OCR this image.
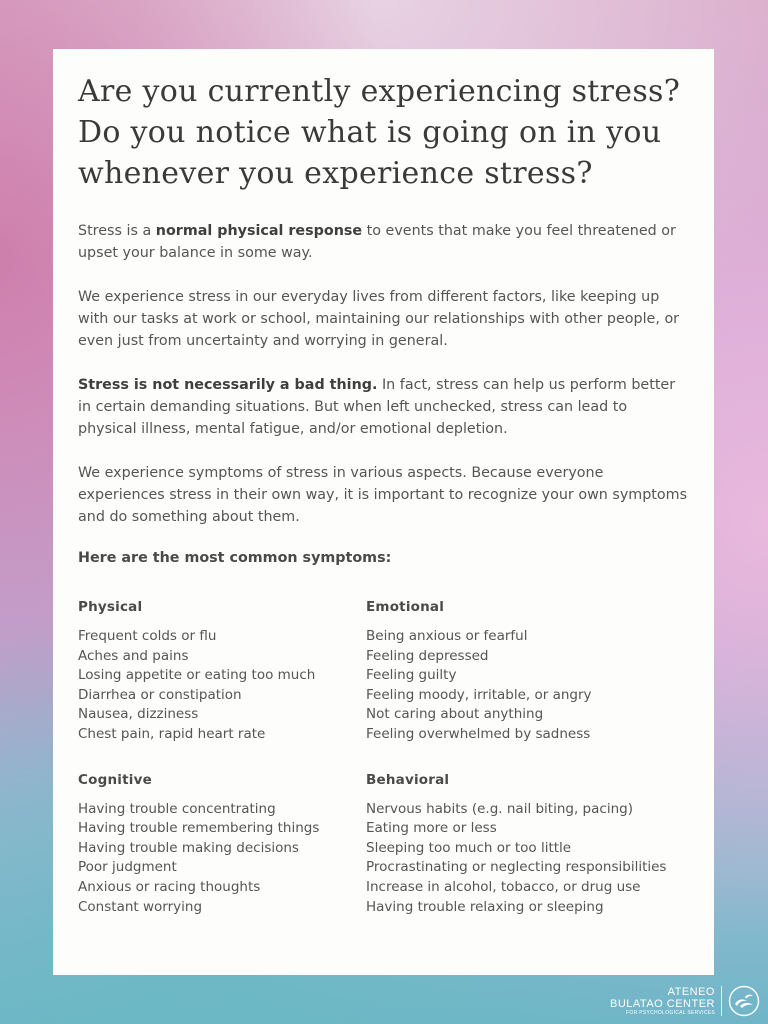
Are you currently experiencing stress? Do you notice what is going on in you whenever you experience stress?

Stress is a normal physical response to events that make you feel threatened or upset your balance in some way.

We experience stress in our everyday lives from different factors, like keeping up with our tasks at work or school, maintaining our relationships with other people, or even just from uncertainty and worrying in general.

Stress is not necessarily a bad thing. In fact, stress can help us perform better in certain demanding situations. But when left unchecked, stress can lead to physical illness, mental fatigue, and/or emotional depletion.

We experience symptoms of stress in various aspects. Because everyone experiences stress in their own way, it is important to recognize your own symptoms and do something about them.

Here are the most common symptoms:

Physical
Frequent colds or flu
Aches and pains
Losing appetite or eating too much
Diarrhea or constipation
Nausea, dizziness
Chest pain, rapid heart rate
Emotional
Being anxious or fearful
Feeling depressed
Feeling guilty
Feeling moody, irritable, or angry
Not caring about anything
Feeling overwhelmed by sadness
Cognitive
Having trouble concentrating
Having trouble remembering things
Having trouble making decisions
Poor judgment
Anxious or racing thoughts
Constant worrying
Behavioral
Nervous habits (e.g. nail biting, pacing)
Eating more or less
Sleeping too much or too little
Procrastinating or neglecting responsibilities
Increase in alcohol, tobacco, or drug use
Having trouble relaxing or sleeping
ATENEO
BULATAO CENTER
FOR PSYCHOLOGICAL SERVICES
